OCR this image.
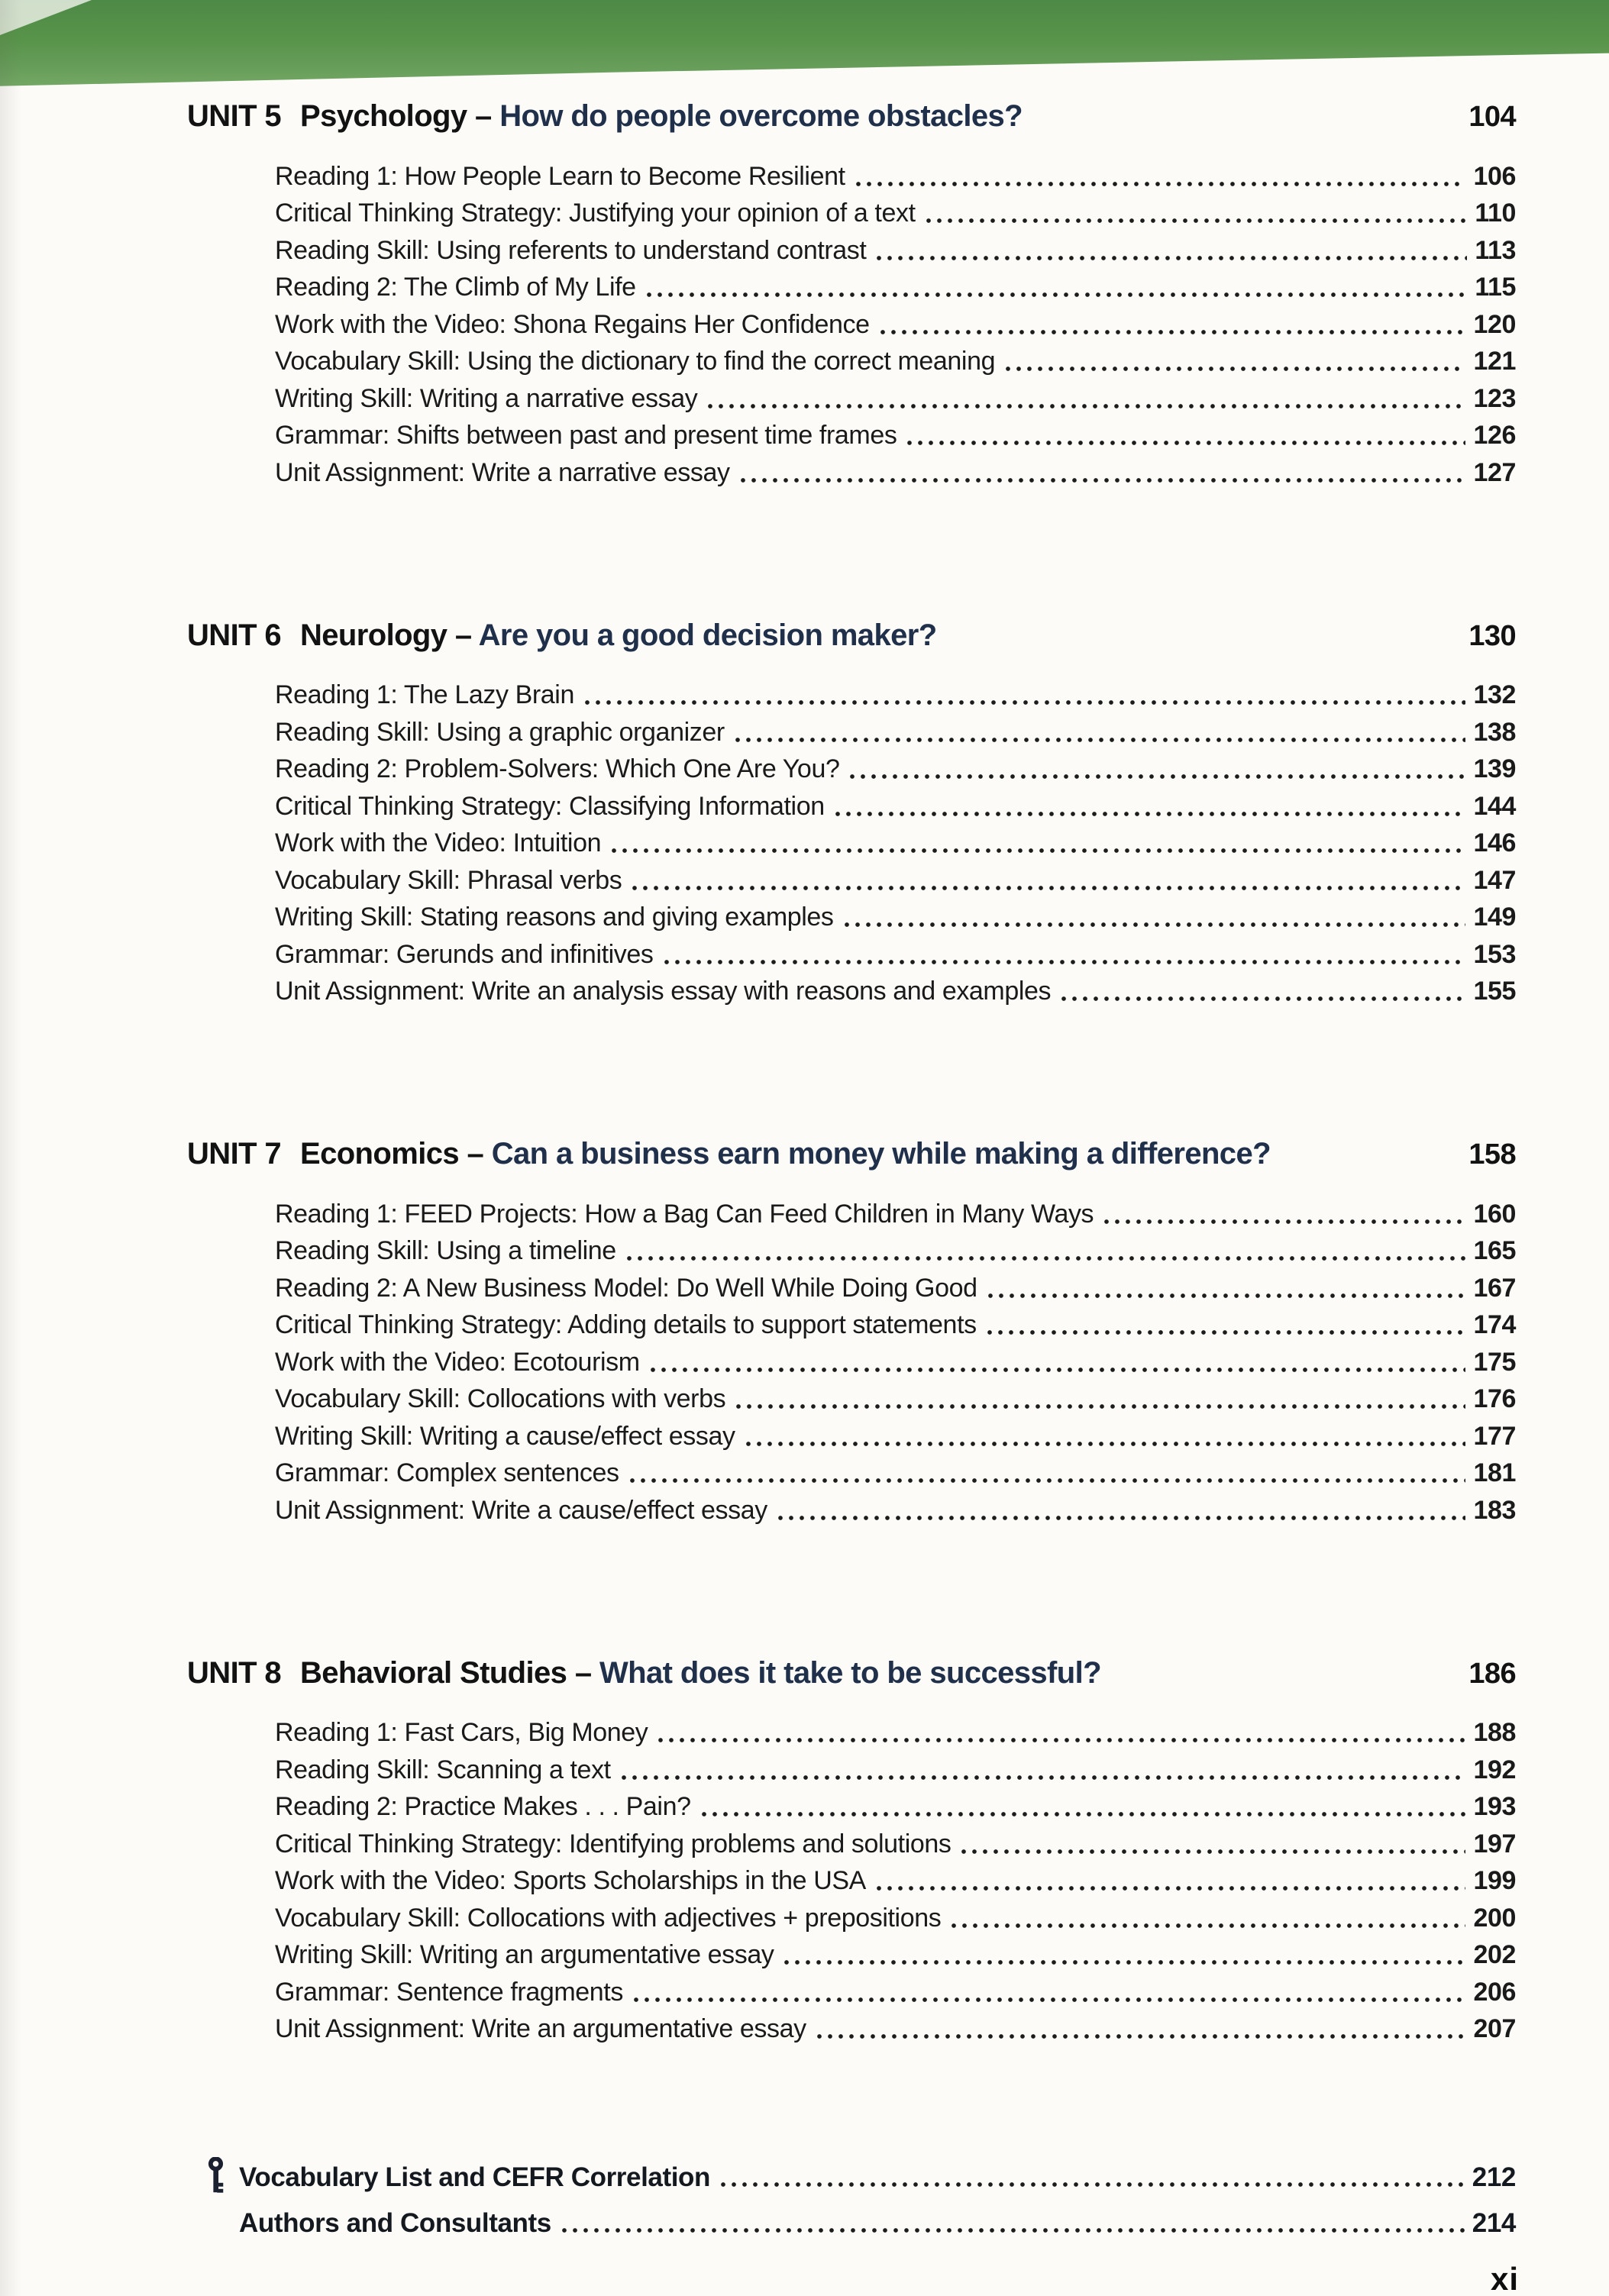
UNIT 5 Psychology – How do people overcome obstacles?	104
Reading 1: How People Learn to Become Resilient	106
Critical Thinking Strategy: Justifying your opinion of a text	110
Reading Skill: Using referents to understand contrast	113
Reading 2: The Climb of My Life	115
Work with the Video: Shona Regains Her Confidence	120
Vocabulary Skill: Using the dictionary to find the correct meaning	121
Writing Skill: Writing a narrative essay	123
Grammar: Shifts between past and present time frames	126
Unit Assignment: Write a narrative essay	127
UNIT 6 Neurology – Are you a good decision maker?	130
Reading 1: The Lazy Brain	132
Reading Skill: Using a graphic organizer	138
Reading 2: Problem-Solvers: Which One Are You?	139
Critical Thinking Strategy: Classifying Information	144
Work with the Video: Intuition	146
Vocabulary Skill: Phrasal verbs	147
Writing Skill: Stating reasons and giving examples	149
Grammar: Gerunds and infinitives	153
Unit Assignment: Write an analysis essay with reasons and examples	155
UNIT 7 Economics – Can a business earn money while making a difference?	158
Reading 1: FEED Projects: How a Bag Can Feed Children in Many Ways	160
Reading Skill: Using a timeline	165
Reading 2: A New Business Model: Do Well While Doing Good	167
Critical Thinking Strategy: Adding details to support statements	174
Work with the Video: Ecotourism	175
Vocabulary Skill: Collocations with verbs	176
Writing Skill: Writing a cause/effect essay	177
Grammar: Complex sentences	181
Unit Assignment: Write a cause/effect essay	183
UNIT 8 Behavioral Studies – What does it take to be successful?	186
Reading 1: Fast Cars, Big Money	188
Reading Skill: Scanning a text	192
Reading 2: Practice Makes . . . Pain?	193
Critical Thinking Strategy: Identifying problems and solutions	197
Work with the Video: Sports Scholarships in the USA	199
Vocabulary Skill: Collocations with adjectives + prepositions	200
Writing Skill: Writing an argumentative essay	202
Grammar: Sentence fragments	206
Unit Assignment: Write an argumentative essay	207
Vocabulary List and CEFR Correlation	212
Authors and Consultants	214
xi
